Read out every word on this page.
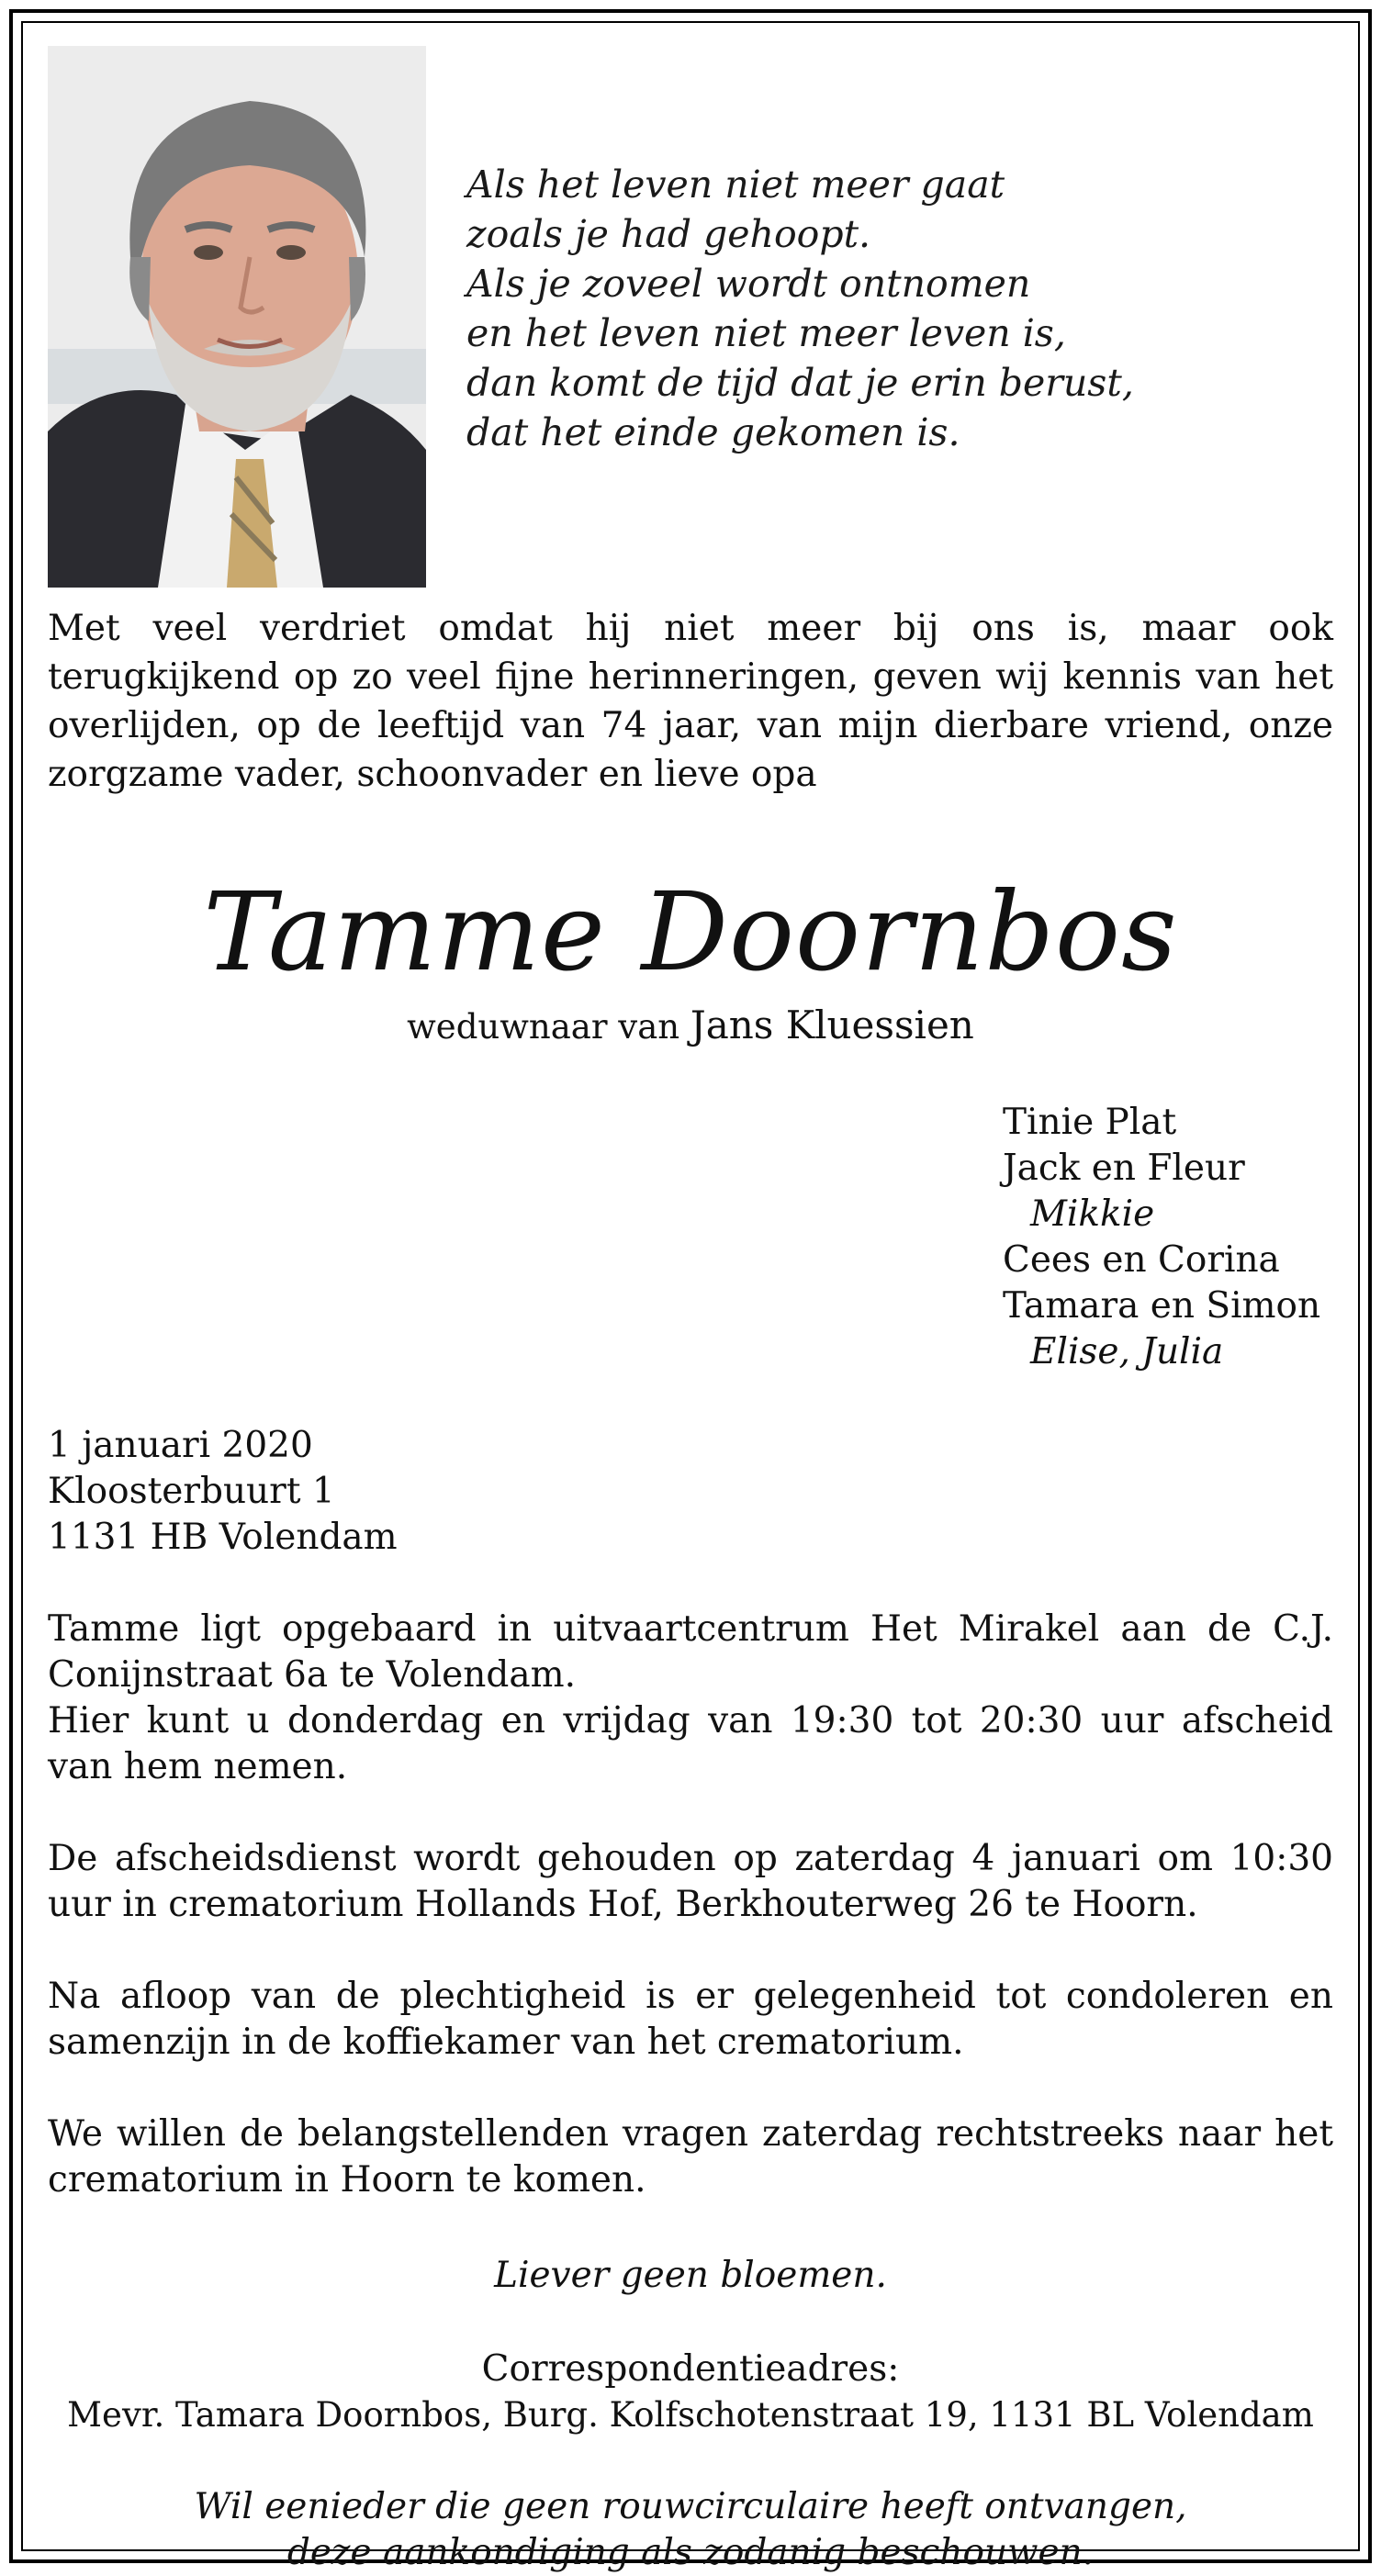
Als het leven niet meer gaat
zoals je had gehoopt.
Als je zoveel wordt ontnomen
en het leven niet meer leven is,
dan komt de tijd dat je erin berust,
dat het einde gekomen is.
Met veel verdriet omdat hij niet meer bij ons is, maar ook terugkijkend op zo veel fijne herinneringen, geven wij kennis van het overlijden, op de leeftijd van 74 jaar, van mijn dierbare vriend, onze zorgzame vader, schoonvader en lieve opa
Tamme Doornbos
weduwnaar van Jans Kluessien
Tinie Plat
Jack en Fleur
Mikkie
Cees en Corina
Tamara en Simon
Elise, Julia
1 januari 2020
Kloosterbuurt 1
1131 HB Volendam
Tamme ligt opgebaard in uitvaartcentrum Het Mirakel aan de C.J. Conijnstraat 6a te Volendam.
Hier kunt u donderdag en vrijdag van 19:30 tot 20:30 uur afscheid van hem nemen.
De afscheidsdienst wordt gehouden op zaterdag 4 januari om 10:30 uur in crematorium Hollands Hof, Berkhouterweg 26 te Hoorn.
Na afloop van de plechtigheid is er gelegenheid tot condoleren en samenzijn in de koffiekamer van het crematorium.
We willen de belangstellenden vragen zaterdag rechtstreeks naar het crematorium in Hoorn te komen.
Liever geen bloemen.
Correspondentieadres:
Mevr. Tamara Doornbos, Burg. Kolfschotenstraat 19, 1131 BL Volendam
Wil eenieder die geen rouwcirculaire heeft ontvangen,
deze aankondiging als zodanig beschouwen.
